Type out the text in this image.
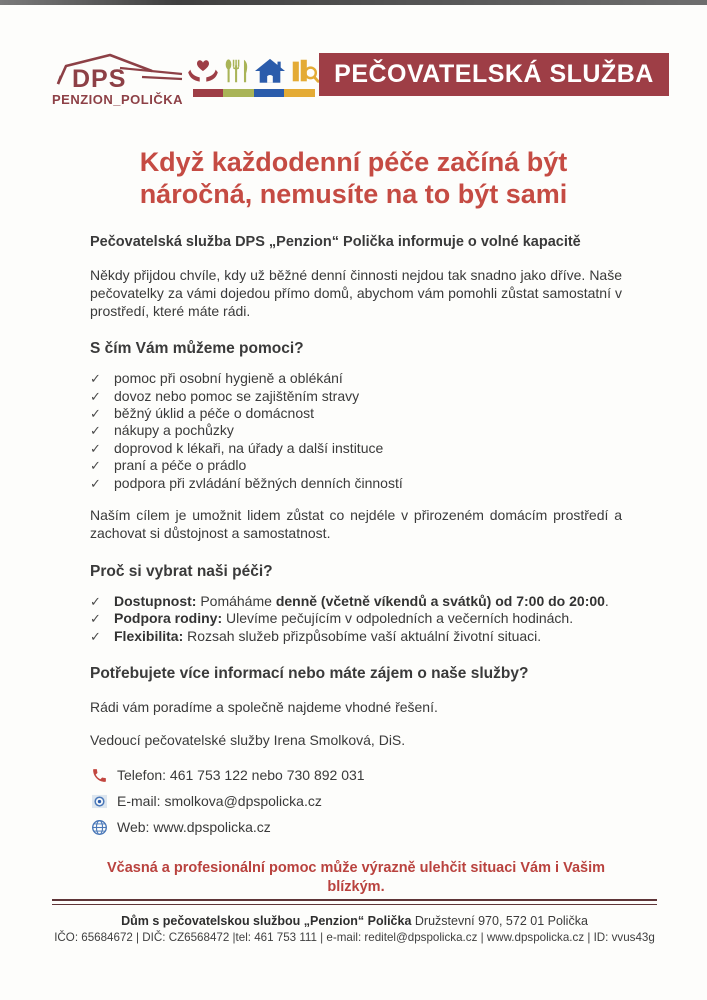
DPS
PENZION_POLIČKA
PEČOVATELSKÁ SLUŽBA
Když každodenní péče začíná být
náročná, nemusíte na to být sami
Pečovatelská služba DPS „Penzion“ Polička informuje o volné kapacitě
Někdy přijdou chvíle, kdy už běžné denní činnosti nejdou tak snadno jako dříve. Naše pečovatelky za vámi dojedou přímo domů, abychom vám pomohli zůstat samostatní v prostředí, které máte rádi.
S čím Vám můžeme pomoci?
✓ pomoc při osobní hygieně a oblékání
✓ dovoz nebo pomoc se zajištěním stravy
✓ běžný úklid a péče o domácnost
✓ nákupy a pochůzky
✓ doprovod k lékaři, na úřady a další instituce
✓ praní a péče o prádlo
✓ podpora při zvládání běžných denních činností
Naším cílem je umožnit lidem zůstat co nejdéle v přirozeném domácím prostředí a zachovat si důstojnost a samostatnost.
Proč si vybrat naši péči?
✓ Dostupnost: Pomáháme denně (včetně víkendů a svátků) od 7:00 do 20:00.
✓ Podpora rodiny: Ulevíme pečujícím v odpoledních a večerních hodinách.
✓ Flexibilita: Rozsah služeb přizpůsobíme vaší aktuální životní situaci.
Potřebujete více informací nebo máte zájem o naše služby?
Rádi vám poradíme a společně najdeme vhodné řešení.
Vedoucí pečovatelské služby Irena Smolková, DiS.
Telefon: 461 753 122 nebo 730 892 031
E-mail: smolkova@dpspolicka.cz
Web: www.dpspolicka.cz
Včasná a profesionální pomoc může výrazně ulehčit situaci Vám i Vašim blízkým.
Dům s pečovatelskou službou „Penzion“ Polička Družstevní 970, 572 01 Polička
IČO: 65684672 | DIČ: CZ6568472 |tel: 461 753 111 | e-mail: reditel@dpspolicka.cz | www.dpspolicka.cz | ID: vvus43g
